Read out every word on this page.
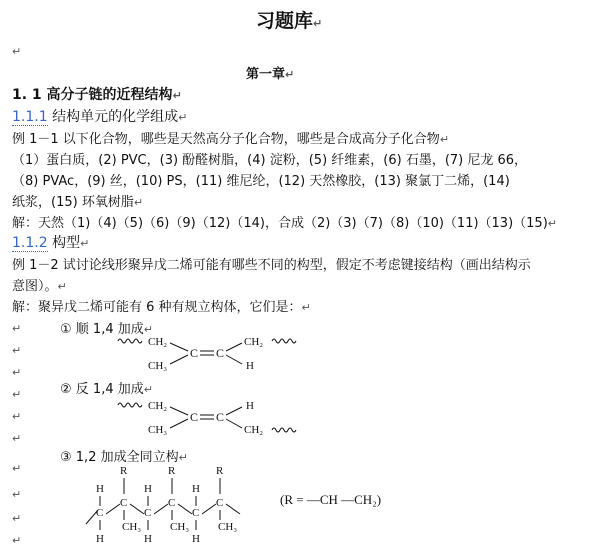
习题库↵
↵
第一章↵
1. 1 高分子链的近程结构↵
1.1.1 结构单元的化学组成↵
例 1－1 以下化合物，哪些是天然高分子化合物，哪些是合成高分子化合物↵
（1）蛋白质，(2) PVC，(3) 酚醛树脂，(4) 淀粉，(5) 纤维素，(6) 石墨，(7) 尼龙 66，
（8) PVAc，(9) 丝，(10) PS，(11) 维尼纶，(12) 天然橡胶，(13) 聚氯丁二烯，(14)
纸浆，(15) 环氧树脂↵
解：天然（1)（4)（5)（6)（9)（12)（14)，合成（2)（3)（7)（8)（10)（11)（13)（15)↵
1.1.2 构型↵
例 1－2 试讨论线形聚异戊二烯可能有哪些不同的构型，假定不考虑键接结构（画出结构示
意图）。↵
解：聚异戊二烯可能有 6 种有规立构体，它们是：↵
↵
↵
↵
↵
↵
↵
↵
↵
↵
↵
① 顺 1,4 加成↵
CH₂
CH₃
C C
CH₂
H
② 反 1,4 加成↵
CH₂
CH₃
C C
H
CH₂
③ 1,2 加成全同立构↵
H
C
H
R
C
CH₃
H
C
H
R
C
CH₃
H
C
H
R
C
CH₃
(R = —CH —CH₂)
